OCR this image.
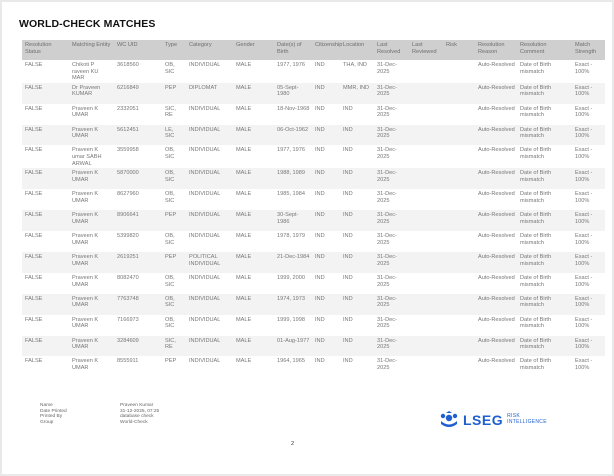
WORLD-CHECK MATCHES
Resolution Status	Matching Entity	WC UID	Type	Category	Gender	Date(s) of Birth	Citizenship	Location	Last Resolved	Last Reviewed	Risk	Resolution Reason	Resolution Comment	Match Strength
FALSE	Chikoti P raveen KU MAR	3618560	OB, SIC	INDIVIDUAL	MALE	1977, 1976	IND	THA, IND	31-Dec-2025			Auto-Resolved	Date of Birth mismatch	Exact - 100%
FALSE	Dr Praveen KUMAR	6216849	PEP	DIPLOMAT	MALE	05-Sept-1980	IND	MMR, IND	31-Dec-2025			Auto-Resolved	Date of Birth mismatch	Exact - 100%
FALSE	Praveen K UMAR	2332051	SIC, RE	INDIVIDUAL	MALE	18-Nov-1968	IND	IND	31-Dec-2025			Auto-Resolved	Date of Birth mismatch	Exact - 100%
FALSE	Praveen K UMAR	5612451	LE, SIC	INDIVIDUAL	MALE	06-Oct-1962	IND	IND	31-Dec-2025			Auto-Resolved	Date of Birth mismatch	Exact - 100%
FALSE	Praveen K umar SABH ARWAL	3559958	OB, SIC	INDIVIDUAL	MALE	1977, 1976	IND	IND	31-Dec-2025			Auto-Resolved	Date of Birth mismatch	Exact - 100%
FALSE	Praveen K UMAR	5870000	OB, SIC	INDIVIDUAL	MALE	1988, 1989	IND	IND	31-Dec-2025			Auto-Resolved	Date of Birth mismatch	Exact - 100%
FALSE	Praveen K UMAR	8627960	OB, SIC	INDIVIDUAL	MALE	1985, 1984	IND	IND	31-Dec-2025			Auto-Resolved	Date of Birth mismatch	Exact - 100%
FALSE	Praveen K UMAR	8906641	PEP	INDIVIDUAL	MALE	30-Sept-1986	IND	IND	31-Dec-2025			Auto-Resolved	Date of Birth mismatch	Exact - 100%
FALSE	Praveen K UMAR	5399820	OB, SIC	INDIVIDUAL	MALE	1978, 1979	IND	IND	31-Dec-2025			Auto-Resolved	Date of Birth mismatch	Exact - 100%
FALSE	Praveen K UMAR	2619251	PEP	POLITICAL INDIVIDUAL	MALE	21-Dec-1984	IND	IND	31-Dec-2025			Auto-Resolved	Date of Birth mismatch	Exact - 100%
FALSE	Praveen K UMAR	8082470	OB, SIC	INDIVIDUAL	MALE	1999, 2000	IND	IND	31-Dec-2025			Auto-Resolved	Date of Birth mismatch	Exact - 100%
FALSE	Praveen K UMAR	7763748	OB, SIC	INDIVIDUAL	MALE	1974, 1973	IND	IND	31-Dec-2025			Auto-Resolved	Date of Birth mismatch	Exact - 100%
FALSE	Praveen K UMAR	7166973	OB, SIC	INDIVIDUAL	MALE	1999, 1998	IND	IND	31-Dec-2025			Auto-Resolved	Date of Birth mismatch	Exact - 100%
FALSE	Praveen K UMAR	3284609	SIC, RE	INDIVIDUAL	MALE	01-Aug-1977	IND	IND	31-Dec-2025			Auto-Resolved	Date of Birth mismatch	Exact - 100%
FALSE	Praveen K UMAR	8555911	PEP	INDIVIDUAL	MALE	1964, 1965	IND	IND	31-Dec-2025			Auto-Resolved	Date of Birth mismatch	Exact - 100%
Name
Date Printed
Printed By
Group
Praveen Kumar
31-12-2025, 07:25
database check
World-Check	LSEG RISK
INTELLIGENCE
2
